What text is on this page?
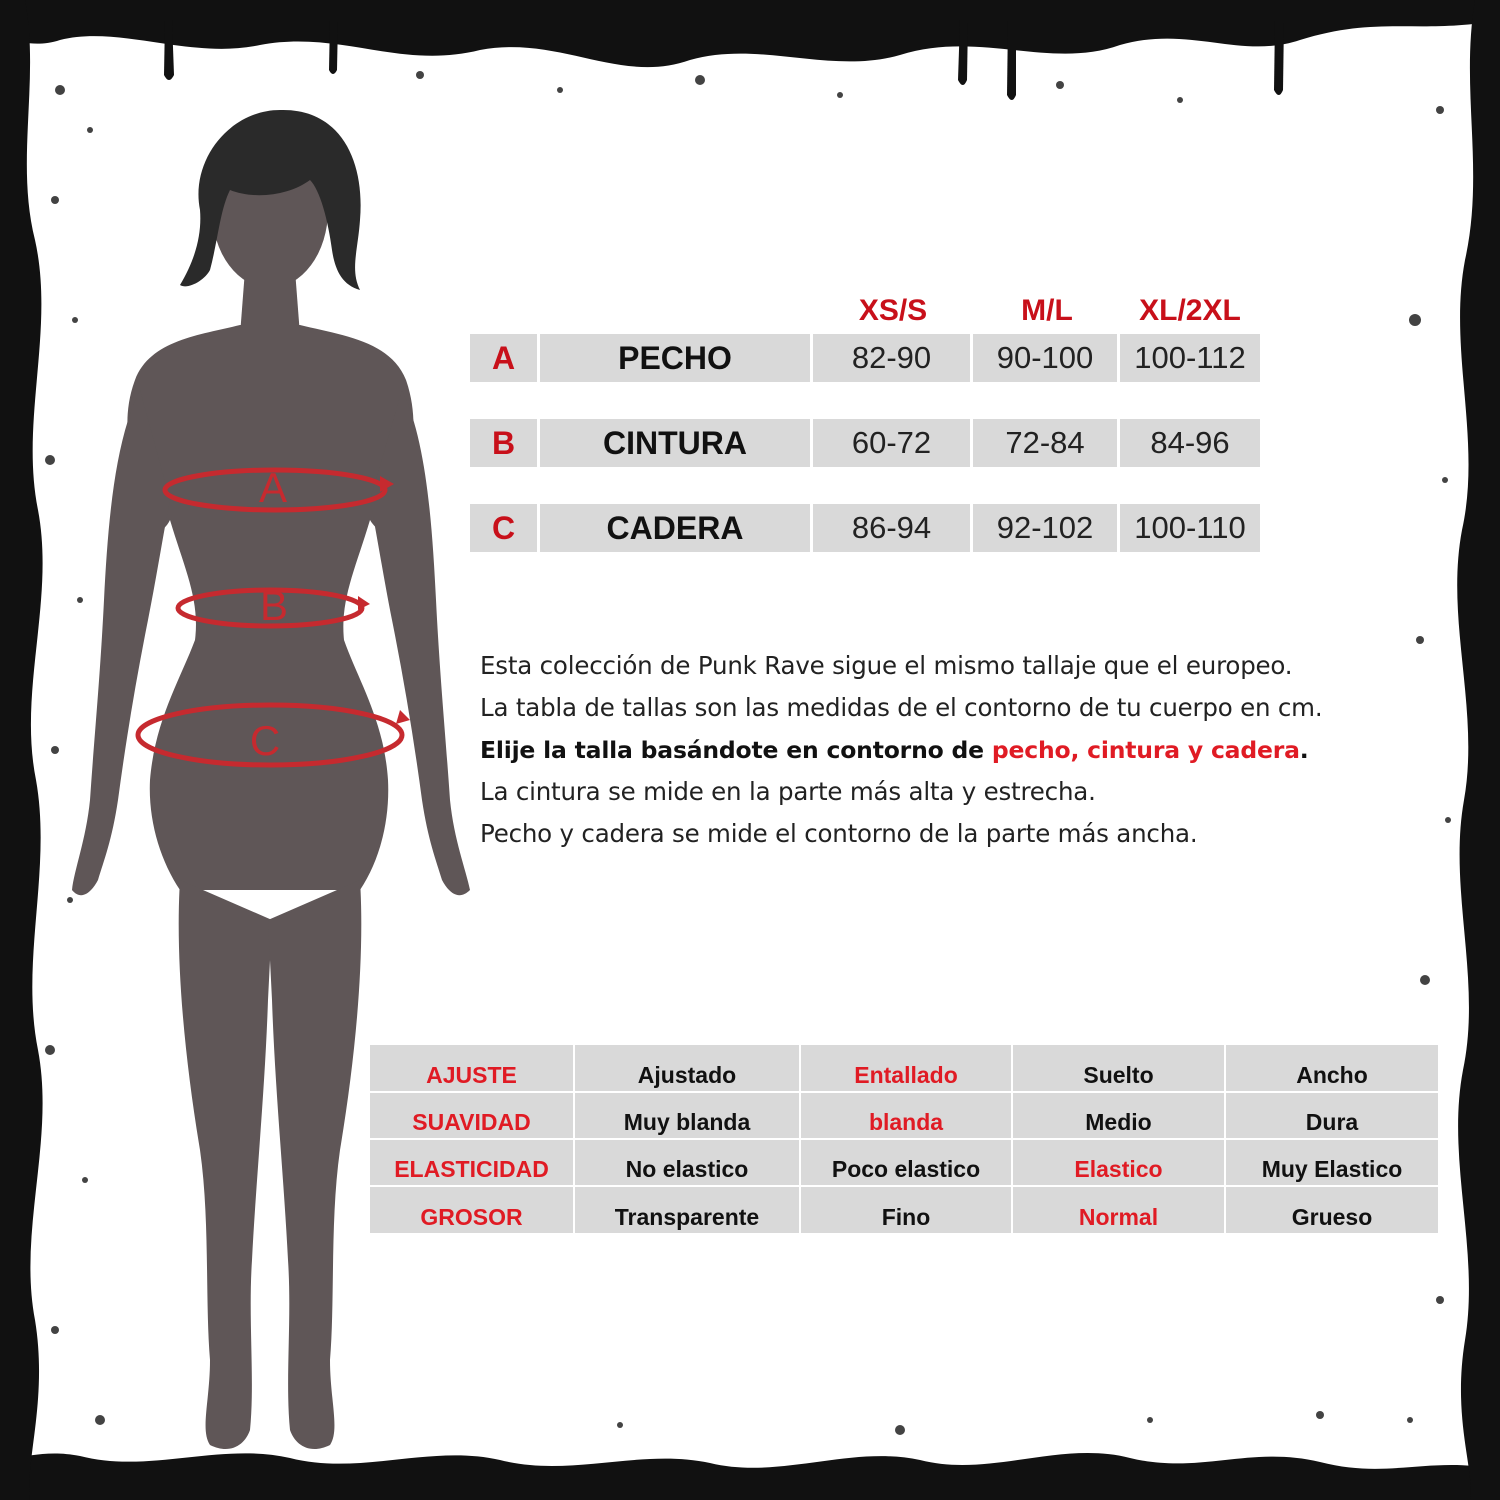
A
B
C
XS/S	M/L	XL/2XL
A	PECHO	82-90	90-100	100-112
B	CINTURA	60-72	72-84	84-96
C	CADERA	86-94	92-102	100-110

Esta colección de Punk Rave sigue el mismo tallaje que el europeo.

La tabla de tallas son las medidas de el contorno de tu cuerpo en cm.

Elije la talla basándote en contorno de pecho, cintura y cadera.

La cintura se mide en la parte más alta y estrecha.

Pecho y cadera se mide el contorno de la parte más ancha.

AJUSTE	Ajustado	Entallado	Suelto	Ancho
SUAVIDAD	Muy blanda	blanda	Medio	Dura
ELASTICIDAD	No elastico	Poco elastico	Elastico	Muy Elastico
GROSOR	Transparente	Fino	Normal	Grueso
